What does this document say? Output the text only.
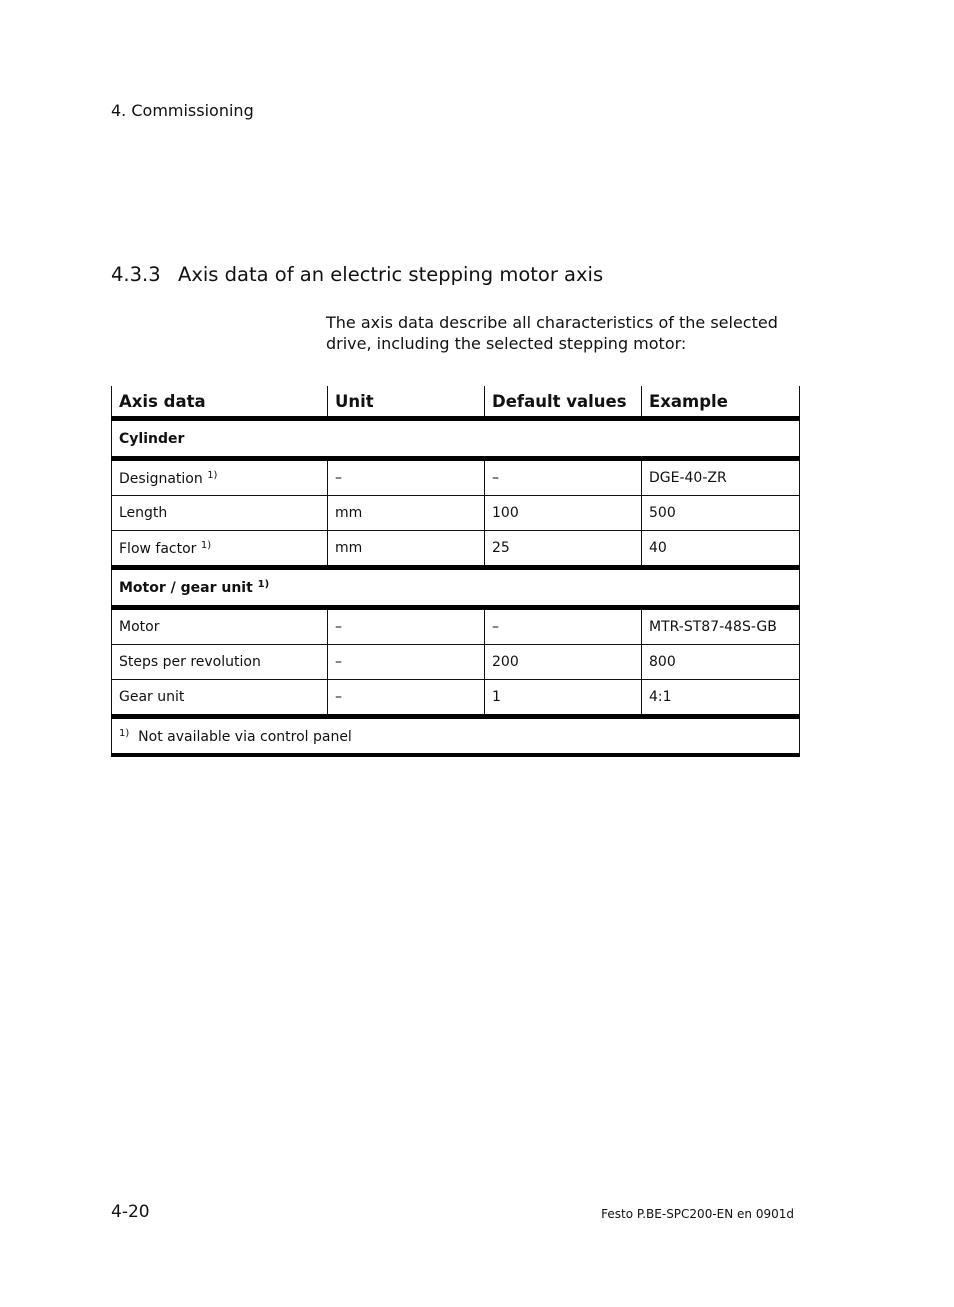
4. Commissioning
4.3.3 Axis data of an electric stepping motor axis
The axis data describe all characteristics of the selected drive, including the selected stepping motor:
Axis data	Unit	Default values	Example
Cylinder			
Designation $^{1)}$	–	–	DGE-40-ZR
Length	mm	100	500
Flow factor $^{1)}$	mm	25	40
Motor / gear unit $^{1)}$
Motor	–	–	MTR-ST87-48S-GB
Steps per revolution	–	200	800
Gear unit	–	1	4:1
$^{1)}$ Not available via control panel			
4-20	Festo P.BE-SPC200-EN en 0901d
